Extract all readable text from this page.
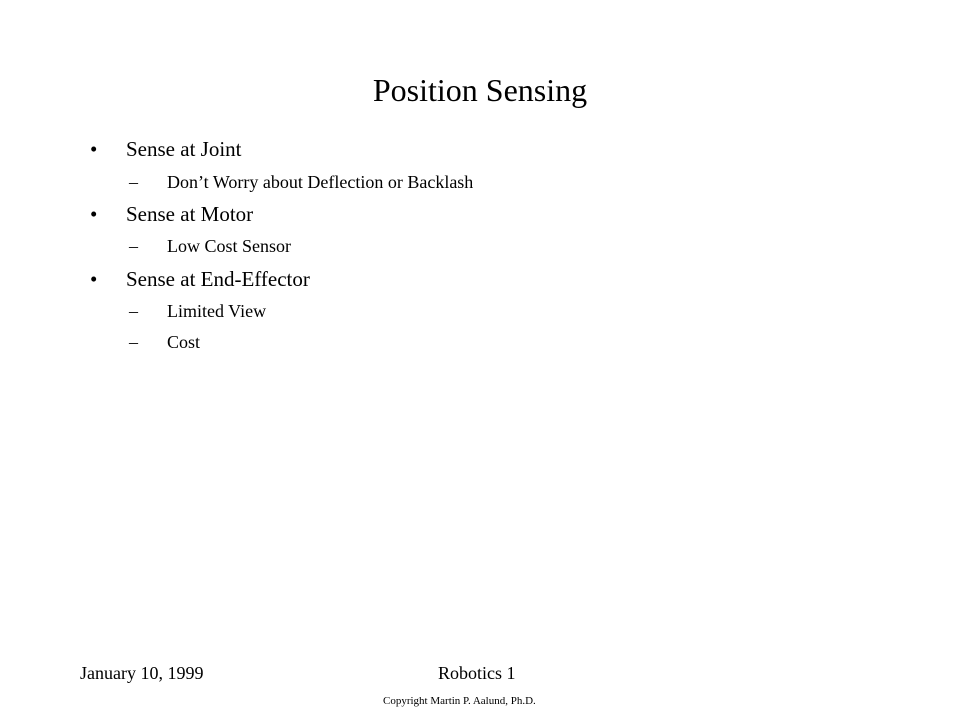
Position Sensing
• Sense at Joint
– Don’t Worry about Deflection or Backlash
• Sense at Motor
– Low Cost Sensor
• Sense at End-Effector
– Limited View
– Cost
January 10, 1999	Robotics 1
Copyright Martin P. Aalund, Ph.D.
